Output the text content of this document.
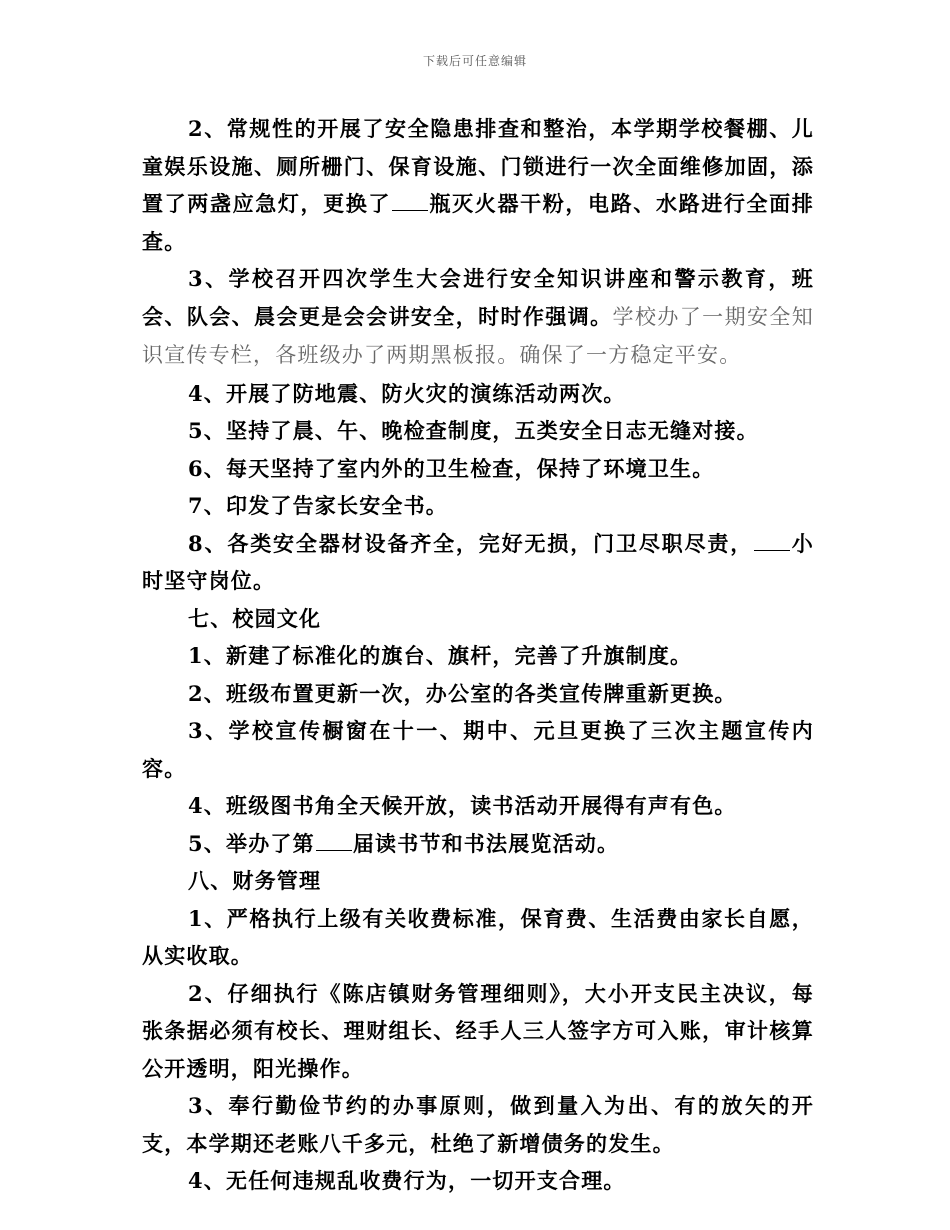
下载后可任意编辑

2、常规性的开展了安全隐患排查和整治，本学期学校餐棚、儿童娱乐设施、厕所栅门、保育设施、门锁进行一次全面维修加固，添置了两盏应急灯，更换了 瓶灭火器干粉，电路、水路进行全面排查。

3、学校召开四次学生大会进行安全知识讲座和警示教育，班会、队会、晨会更是会会讲安全，时时作强调。学校办了一期安全知识宣传专栏，各班级办了两期黑板报。确保了一方稳定平安。

4、开展了防地震、防火灾的演练活动两次。

5、坚持了晨、午、晚检查制度，五类安全日志无缝对接。

6、每天坚持了室内外的卫生检查，保持了环境卫生。

7、印发了告家长安全书。

8、各类安全器材设备齐全，完好无损，门卫尽职尽责， 小时坚守岗位。

七、校园文化

1、新建了标准化的旗台、旗杆，完善了升旗制度。

2、班级布置更新一次，办公室的各类宣传牌重新更换。

3、学校宣传橱窗在十一、期中、元旦更换了三次主题宣传内容。

4、班级图书角全天候开放，读书活动开展得有声有色。

5、举办了第 届读书节和书法展览活动。

八、财务管理

1、严格执行上级有关收费标准，保育费、生活费由家长自愿，从实收取。

2、仔细执行《陈店镇财务管理细则》，大小开支民主决议，每张条据必须有校长、理财组长、经手人三人签字方可入账，审计核算公开透明，阳光操作。

3、奉行勤俭节约的办事原则，做到量入为出、有的放矢的开支，本学期还老账八千多元，杜绝了新增债务的发生。

4、无任何违规乱收费行为，一切开支合理。
